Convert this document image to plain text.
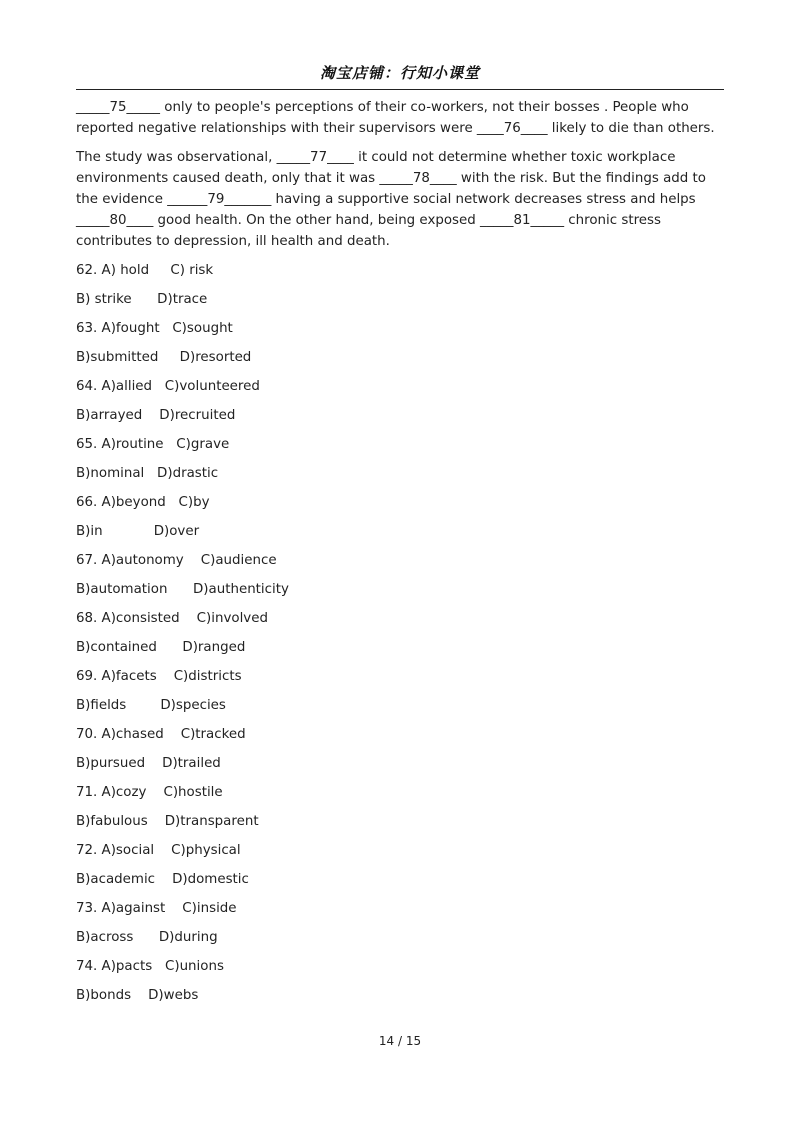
淘宝店铺：行知小课堂

_____75_____ only to people's perceptions of their co-workers, not their bosses . People who
reported negative relationships with their supervisors were ____76____ likely to die than others.

The study was observational, _____77____ it could not determine whether toxic workplace
environments caused death, only that it was _____78____ with the risk. But the findings add to
the evidence ______79_______ having a supportive social network decreases stress and helps
_____80____ good health. On the other hand, being exposed _____81_____ chronic stress
contributes to depression, ill health and death.

62. A) hold     C) risk
B) strike      D)trace
63. A)fought   C)sought
B)submitted     D)resorted
64. A)allied   C)volunteered
B)arrayed    D)recruited
65. A)routine   C)grave
B)nominal   D)drastic
66. A)beyond   C)by
B)in            D)over
67. A)autonomy    C)audience
B)automation      D)authenticity
68. A)consisted    C)involved
B)contained      D)ranged
69. A)facets    C)districts
B)fields        D)species
70. A)chased    C)tracked
B)pursued    D)trailed
71. A)cozy    C)hostile
B)fabulous    D)transparent
72. A)social    C)physical
B)academic    D)domestic
73. A)against    C)inside
B)across      D)during
74. A)pacts   C)unions
B)bonds    D)webs
14 / 15
